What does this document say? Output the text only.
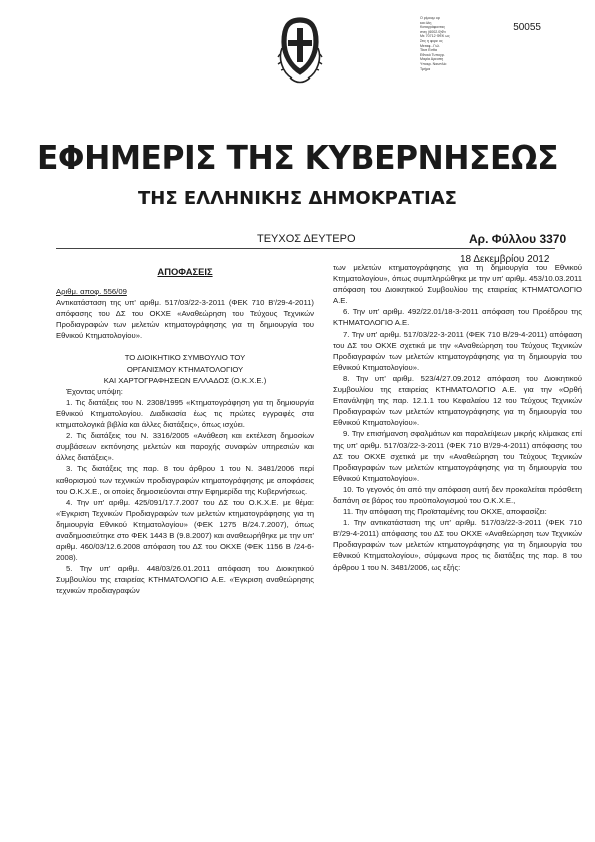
Ο ρίμουμ ορ
και όλη
Καταγράφοντας
στεγ (6002.0)Φν
Με 70712 ΦΕΚ ως
Στις η φορε ος
Μεταφ...Γυλ.
Τάνε Εσθα
Εθνικό Τυπογρ.
Μαρία Αρευπη
Υποκρ. Ναυπλίο
Τμήμα
50055
ΕΦΗΜΕΡΙΣ ΤΗΣ ΚΥΒΕΡΝΗΣΕΩΣ
ΤΗΣ ΕΛΛΗΝΙΚΗΣ ΔΗΜΟΚΡΑΤΙΑΣ
ΤΕΥΧΟΣ ΔΕΥΤΕΡΟ	Αρ. Φύλλου 3370
18 Δεκεμβρίου 2012
ΑΠΟΦΑΣΕΙΣ

Αριθμ. αποφ. 556/09

Αντικατάσταση της υπ' αριθμ. 517/03/22-3-2011 (ΦΕΚ 710 Β'/29-4-2011) απόφασης του ΔΣ του ΟΚΧΕ «Αναθεώρηση του Τεύχους Τεχνικών Προδιαγραφών των μελετών κτηματογράφησης για τη δημιουργία του Εθνικού Κτηματολογίου».

ΤΟ ΔΙΟΙΚΗΤΙΚΟ ΣΥΜΒΟΥΛΙΟ ΤΟΥ

ΟΡΓΑΝΙΣΜΟΥ ΚΤΗΜΑΤΟΛΟΓΙΟΥ

ΚΑΙ ΧΑΡΤΟΓΡΑΦΗΣΕΩΝ ΕΛΛΑΔΟΣ (Ο.Κ.Χ.Ε.)

Έχοντας υπόψη:

1. Τις διατάξεις του Ν. 2308/1995 «Κτηματογράφηση για τη δημιουργία Εθνικού Κτηματολογίου. Διαδικασία έως τις πρώτες εγγραφές στα κτηματολογικά βιβλία και άλλες διατάξεις», όπως ισχύει.

2. Τις διατάξεις του Ν. 3316/2005 «Ανάθεση και εκτέλεση δημοσίων συμβάσεων εκπόνησης μελετών και παροχής συναφών υπηρεσιών και άλλες διατάξεις».

3. Τις διατάξεις της παρ. 8 του άρθρου 1 του Ν. 3481/2006 περί καθορισμού των τεχνικών προδιαγραφών κτηματογράφησης με αποφάσεις του Ο.Κ.Χ.Ε., οι οποίες δημοσιεύονται στην Εφημερίδα της Κυβερνήσεως.

4. Την υπ' αριθμ. 425/091/17.7.2007 του ΔΣ του Ο.Κ.Χ.Ε. με θέμα: «Έγκριση Τεχνικών Προδιαγραφών των μελετών κτηματογράφησης για τη δημιουργία Εθνικού Κτηματολογίου» (ΦΕΚ 1275 Β/24.7.2007), όπως αναδημοσιεύτηκε στο ΦΕΚ 1443 Β (9.8.2007) και αναθεωρήθηκε με την υπ' αριθμ. 460/03/12.6.2008 απόφαση του ΔΣ του ΟΚΧΕ (ΦΕΚ 1156 Β /24-6-2008).

5. Την υπ' αριθμ. 448/03/26.01.2011 απόφαση του Διοικητικού Συμβουλίου της εταιρείας ΚΤΗΜΑΤΟΛΟΓΙΟ Α.Ε. «Έγκριση αναθεώρησης τεχνικών προδιαγραφών

των μελετών κτηματογράφησης για τη δημιουργία του Εθνικού Κτηματολογίου», όπως συμπληρώθηκε με την υπ' αριθμ. 453/10.03.2011 απόφαση του Διοικητικού Συμβουλίου της εταιρείας ΚΤΗΜΑΤΟΛΟΓΙΟ Α.Ε.

6. Την υπ' αριθμ. 492/22.01/18-3-2011 απόφαση του Προέδρου της ΚΤΗΜΑΤΟΛΟΓΙΟ Α.Ε.

7. Την υπ' αριθμ. 517/03/22-3-2011 (ΦΕΚ 710 Β/29-4-2011) απόφαση του ΔΣ του ΟΚΧΕ σχετικά με την «Αναθεώρηση του Τεύχους Τεχνικών Προδιαγραφών των μελετών κτηματογράφησης για τη δημιουργία του Εθνικού Κτηματολογίου».

8. Την υπ' αριθμ. 523/4/27.09.2012 απόφαση του Διοικητικού Συμβουλίου της εταιρείας ΚΤΗΜΑΤΟΛΟΓΙΟ Α.Ε. για την «Ορθή Επανάληψη της παρ. 12.1.1 του Κεφαλαίου 12 του Τεύχους Τεχνικών Προδιαγραφών των μελετών κτηματογράφησης για τη δημιουργία του Εθνικού Κτηματολογίου».

9. Την επισήμανση σφαλμάτων και παραλείψεων μικρής κλίμακας επί της υπ' αριθμ. 517/03/22-3-2011 (ΦΕΚ 710 Β'/29-4-2011) απόφασης του ΔΣ του ΟΚΧΕ σχετικά με την «Αναθεώρηση του Τεύχους Τεχνικών Προδιαγραφών των μελετών κτηματογράφησης για τη δημιουργία του Εθνικού Κτηματολογίου».

10. Το γεγονός ότι από την απόφαση αυτή δεν προκαλείται πρόσθετη δαπάνη σε βάρος του προϋπολογισμού του Ο.Κ.Χ.Ε.,

11. Την απόφαση της Προϊσταμένης του ΟΚΧΕ, αποφασίζει:

1. Την αντικατάσταση της υπ' αριθμ. 517/03/22-3-2011 (ΦΕΚ 710 Β'/29-4-2011) απόφασης του ΔΣ του ΟΚΧΕ «Αναθεώρηση των Τεχνικών Προδιαγραφών των μελετών κτηματογράφησης για τη δημιουργία του Εθνικού Κτηματολογίου», σύμφωνα προς τις διατάξεις της παρ. 8 του άρθρου 1 του Ν. 3481/2006, ως εξής:
